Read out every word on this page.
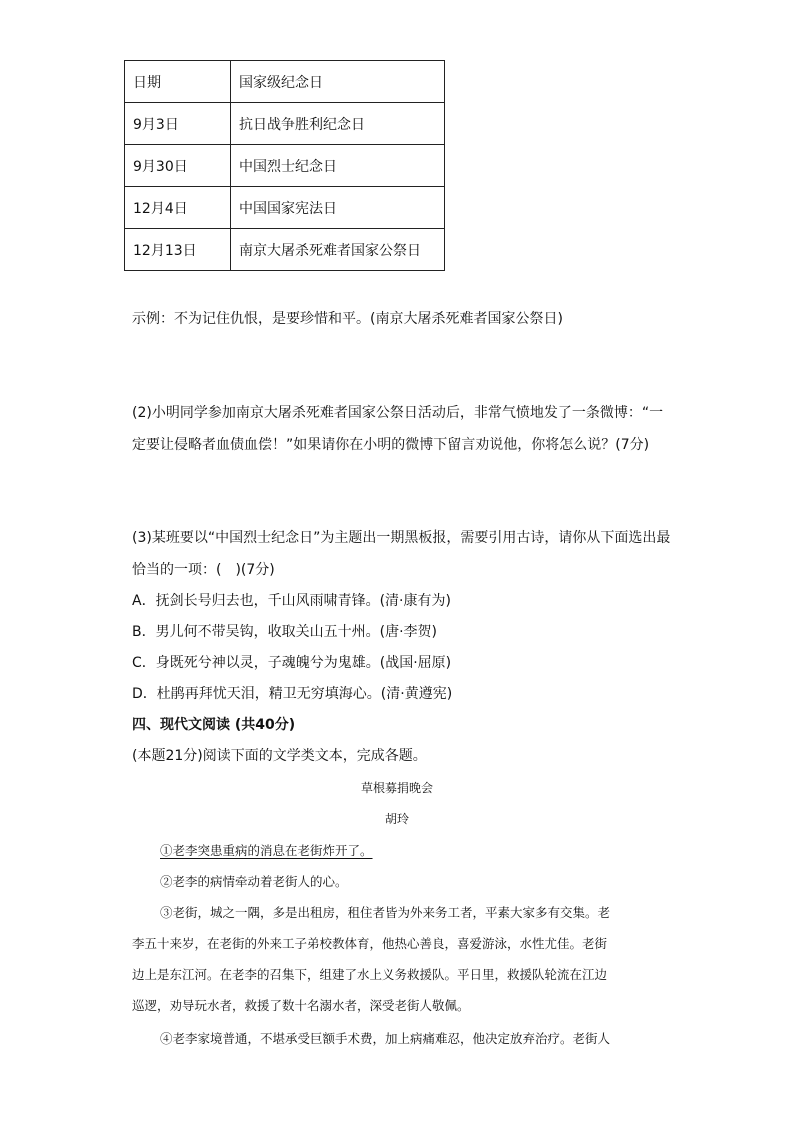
日期	国家级纪念日
9月3日	抗日战争胜利纪念日
9月30日	中国烈士纪念日
12月4日	中国国家宪法日
12月13日	南京大屠杀死难者国家公祭日
示例：不为记住仇恨，是要珍惜和平。(南京大屠杀死难者国家公祭日)
(2)小明同学参加南京大屠杀死难者国家公祭日活动后，非常气愤地发了一条微博：“一
定要让侵略者血债血偿！”如果请你在小明的微博下留言劝说他，你将怎么说？(7分)
(3)某班要以“中国烈士纪念日”为主题出一期黑板报，需要引用古诗，请你从下面选出最
恰当的一项：(　)(7分)
A．抚剑长号归去也，千山风雨啸青锋。(清·康有为)
B．男儿何不带吴钩，收取关山五十州。(唐·李贺)
C．身既死兮神以灵，子魂魄兮为鬼雄。(战国·屈原)
D．杜鹃再拜忧天泪，精卫无穷填海心。(清·黄遵宪)
四、现代文阅读 (共40分)
(本题21分)阅读下面的文学类文本，完成各题。
草根募捐晚会
胡玲
①老李突患重病的消息在老街炸开了。
②老李的病情牵动着老街人的心。
③老街，城之一隅，多是出租房，租住者皆为外来务工者，平素大家多有交集。老
李五十来岁，在老街的外来工子弟校教体育，他热心善良，喜爱游泳，水性尤佳。老街
边上是东江河。在老李的召集下，组建了水上义务救援队。平日里，救援队轮流在江边
巡逻，劝导玩水者，救援了数十名溺水者，深受老街人敬佩。
④老李家境普通，不堪承受巨额手术费，加上病痛难忍，他决定放弃治疗。老街人
